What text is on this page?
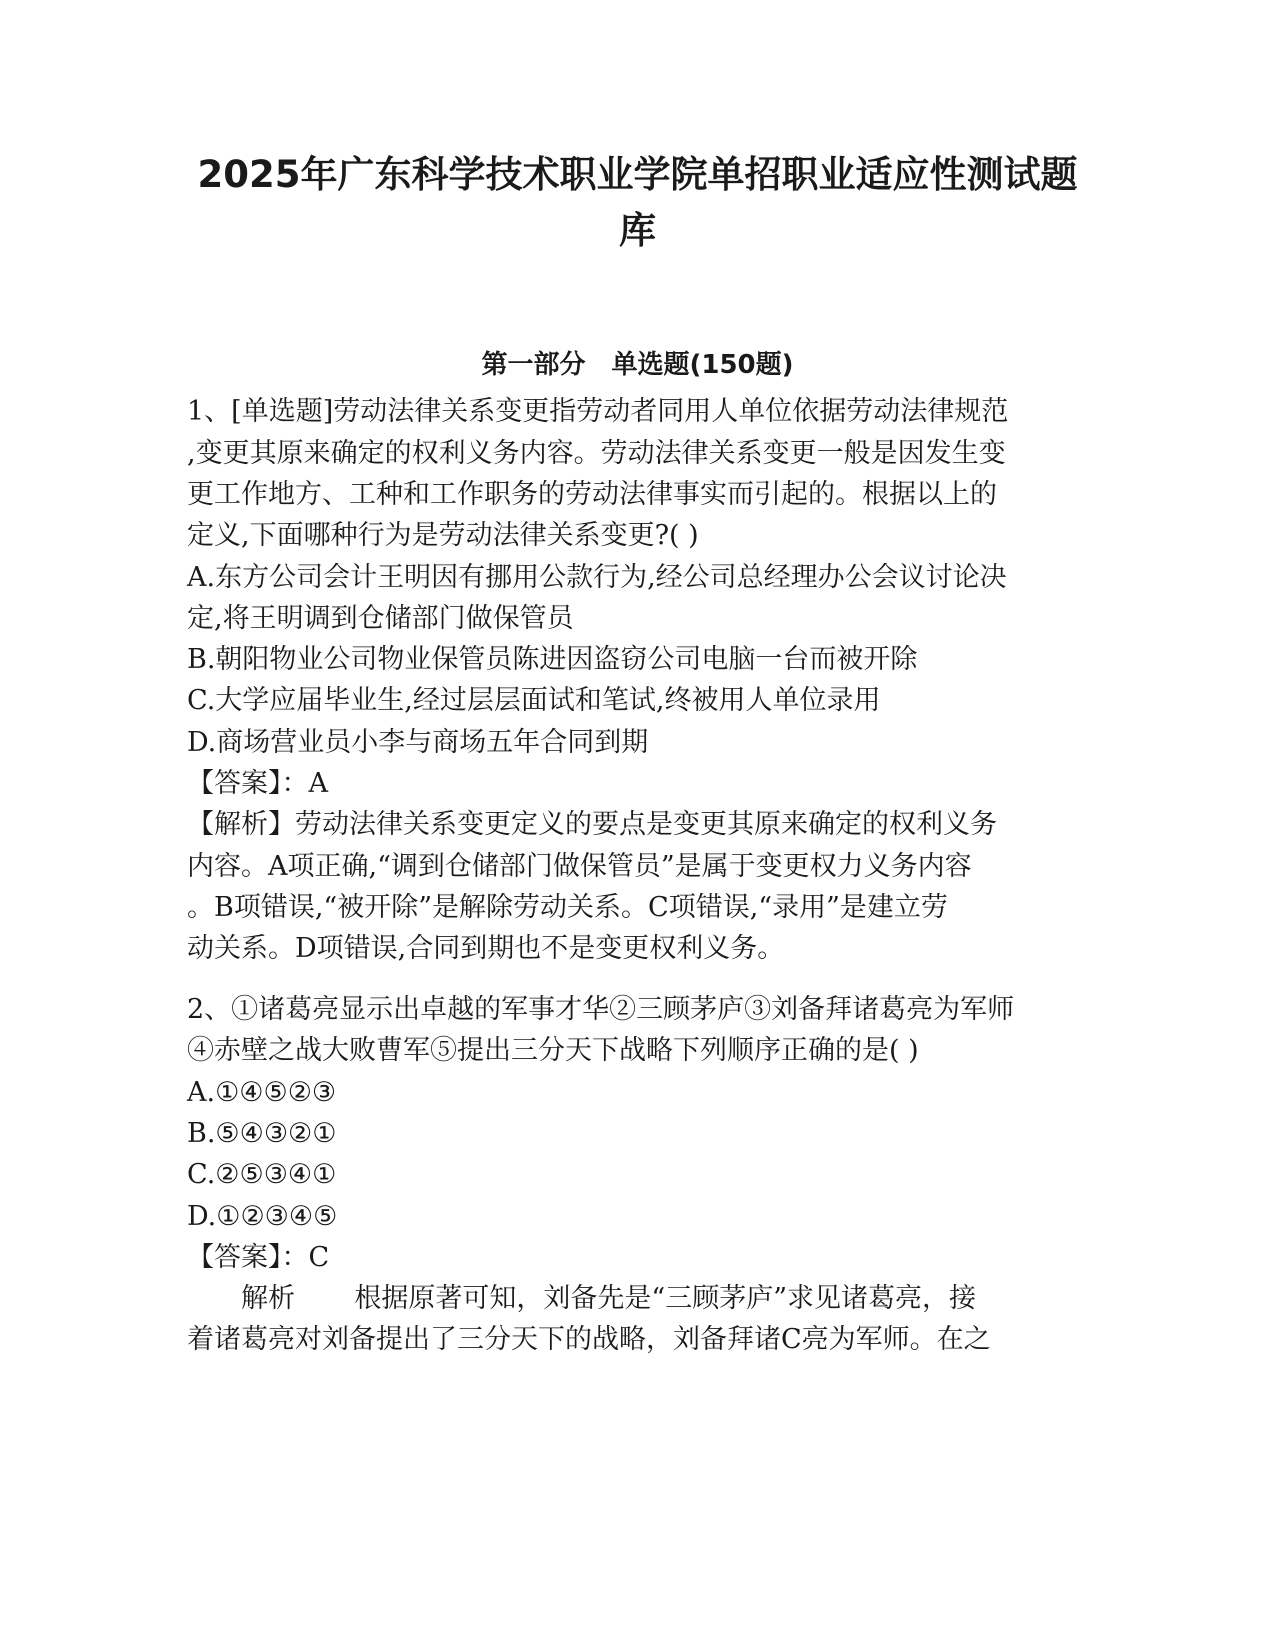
2025年广东科学技术职业学院单招职业适应性测试题
库
第一部分　单选题(150题)
1、[单选题]劳动法律关系变更指劳动者同用人单位依据劳动法律规范
,变更其原来确定的权利义务内容。劳动法律关系变更一般是因发生变
更工作地方、工种和工作职务的劳动法律事实而引起的。根据以上的
定义,下面哪种行为是劳动法律关系变更?( )
A.东方公司会计王明因有挪用公款行为,经公司总经理办公会议讨论决
定,将王明调到仓储部门做保管员
B.朝阳物业公司物业保管员陈进因盗窃公司电脑一台而被开除
C.大学应届毕业生,经过层层面试和笔试,终被用人单位录用
D.商场营业员小李与商场五年合同到期
【答案】：A
【解析】劳动法律关系变更定义的要点是变更其原来确定的权利义务
内容。A项正确,“调到仓储部门做保管员”是属于变更权力义务内容
。B项错误,“被开除”是解除劳动关系。C项错误,“录用”是建立劳
动关系。D项错误,合同到期也不是变更权利义务。
2、①诸葛亮显示出卓越的军事才华②三顾茅庐③刘备拜诸葛亮为军师
④赤壁之战大败曹军⑤提出三分天下战略下列顺序正确的是( )
A.①④⑤②③
B.⑤④③②①
C.②⑤③④①
D.①②③④⑤
【答案】：C
解析 根据原著可知，刘备先是“三顾茅庐”求见诸葛亮，接
着诸葛亮对刘备提出了三分天下的战略，刘备拜诸C亮为军师。在之
